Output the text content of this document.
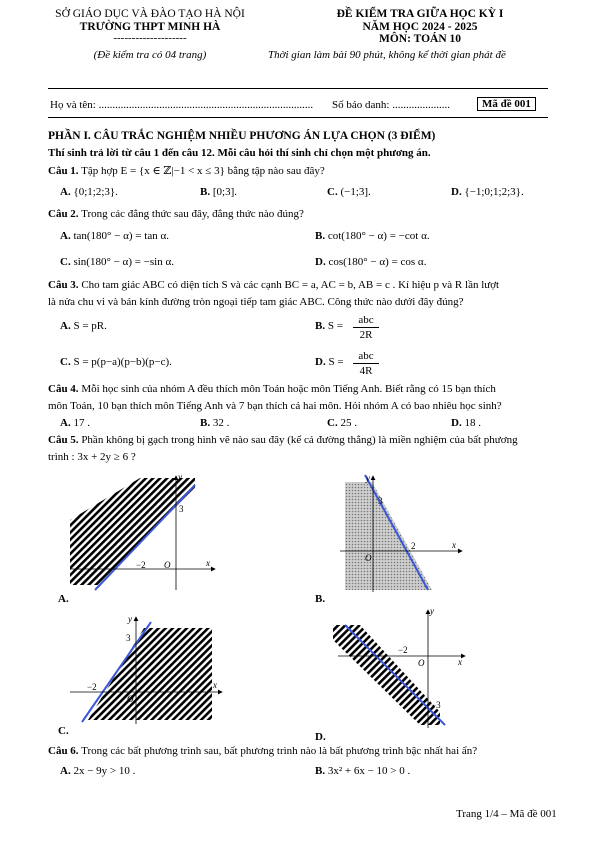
SỞ GIÁO DỤC VÀ ĐÀO TẠO HÀ NỘI
TRƯỜNG THPT MINH HÀ
--------------------
(Đề kiểm tra có 04 trang)
ĐỀ KIỂM TRA GIỮA HỌC KỲ I
NĂM HỌC 2024 - 2025
MÔN: TOÁN 10
Thời gian làm bài 90 phút, không kể thời gian phát đề
Họ và tên: .............................................................................. Số báo danh: .....................	Mã đề 001
PHẦN I. CÂU TRẮC NGHIỆM NHIỀU PHƯƠNG ÁN LỰA CHỌN (3 ĐIỂM)
Thí sinh trả lời từ câu 1 đến câu 12. Mỗi câu hỏi thí sinh chỉ chọn một phương án.
Câu 1. Tập hợp E = {x ∈ ℤ|−1 < x ≤ 3} bằng tập nào sau đây?
A. {0;1;2;3}.	B. [0;3].	C. (−1;3].	D. {−1;0;1;2;3}.
Câu 2. Trong các đẳng thức sau đây, đẳng thức nào đúng?
A. tan(180° − α) = tan α.	B. cot(180° − α) = −cot α.
C. sin(180° − α) = −sin α.	D. cos(180° − α) = cos α.
Câu 3. Cho tam giác ABC có diện tích S và các cạnh BC = a, AC = b, AB = c . Kí hiệu p và R lần lượt
là nửa chu vi và bán kính đường tròn ngoại tiếp tam giác ABC. Công thức nào dưới đây đúng?
A. S = pR.	B. S =	abc
2R
C. S = p(p−a)(p−b)(p−c).	D. S =	abc
4R
Câu 4. Mỗi học sinh của nhóm A đều thích môn Toán hoặc môn Tiếng Anh. Biết rằng có 15 bạn thích
môn Toán, 10 bạn thích môn Tiếng Anh và 7 bạn thích cả hai môn. Hỏi nhóm A có bao nhiêu học sinh?
A. 17 .	B. 32 .	C. 25 .	D. 18 .
Câu 5. Phần không bị gạch trong hình vẽ nào sau đây (kể cả đường thẳng) là miền nghiệm của bất phương
trình : 3x + 2y ≥ 6 ?
y
x
O
3
−2
A.
y
x
O
3
2
B.
y
x
O
3
−2
C.
y
x
O
−2
−3
D.
Câu 6. Trong các bất phương trình sau, bất phương trình nào là bất phương trình bậc nhất hai ẩn?
A. 2x − 9y > 10 .	B. 3x² + 6x − 10 > 0 .
Trang 1/4 – Mã đề 001
